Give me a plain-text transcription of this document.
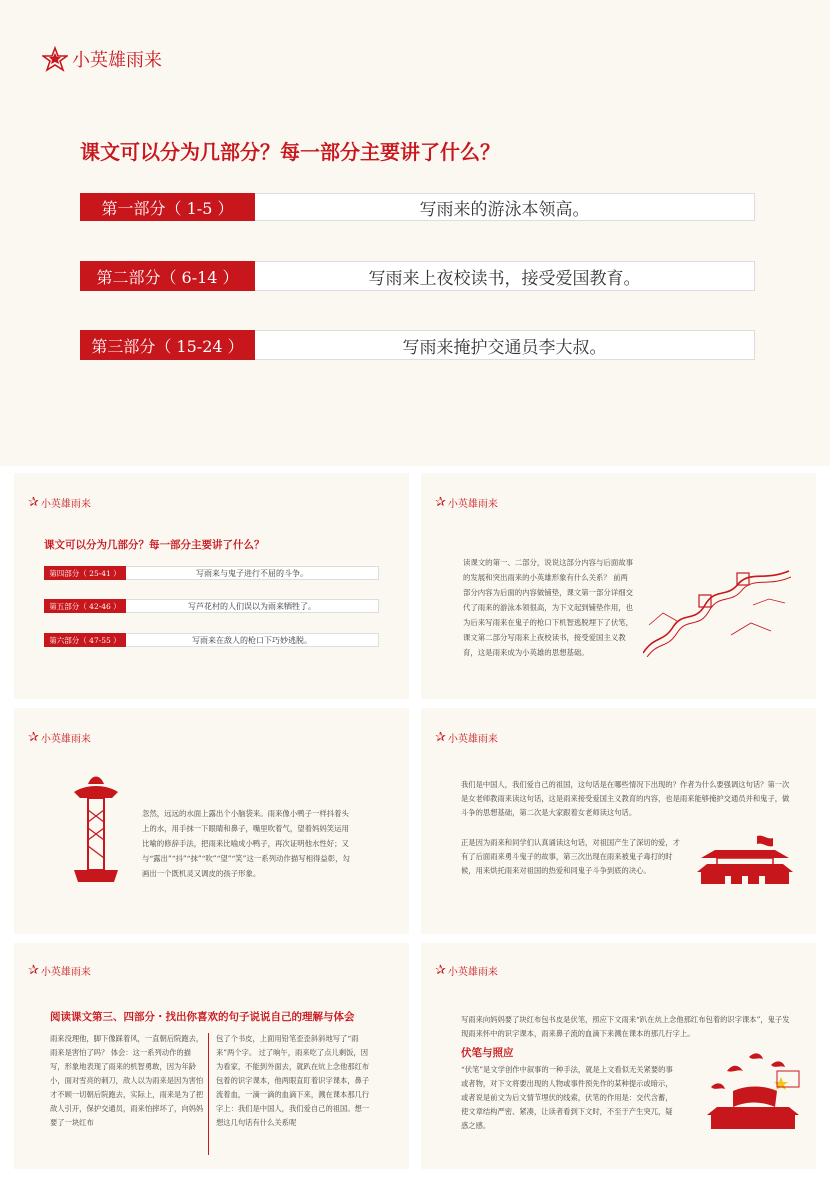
小英雄雨来
课文可以分为几部分？每一部分主要讲了什么？
第一部分（ 1-5 ）	写雨来的游泳本领高。
第二部分（ 6-14 ）	写雨来上夜校读书，接受爱国教育。
第三部分（ 15-24 ）	写雨来掩护交通员李大叔。
✰ 小英雄雨来
课文可以分为几部分？每一部分主要讲了什么？
第四部分（ 25-41 ）	写雨来与鬼子进行不屈的斗争。
第五部分（ 42-46 ）	写芦花村的人们误以为雨来牺牲了。
第六部分（ 47-55 ）	写雨来在敌人的枪口下巧妙逃脱。
✰ 小英雄雨来
读课文的第一、二部分，说说这部分内容与后面故事的发展和突出雨来的小英雄形象有什么关系？ 前两部分内容为后面的内容做铺垫，课文第一部分详细交代了雨来的游泳本领很高，为下文起到铺垫作用，也为后来写雨来在鬼子的枪口下机智逃脱埋下了伏笔，课文第二部分写雨来上夜校读书，接受爱国主义教育，这是雨来成为小英雄的思想基础。
✰ 小英雄雨来
忽然，远远的水面上露出个小脑袋来。雨来像小鸭子一样抖着头上的水，用手抹一下眼睛和鼻子，嘴里吹着气，望着妈妈笑运用比喻的修辞手法，把雨来比喻成小鸭子，再次证明他水性好；又与“露出”“抖”“抹”“吹”“望”“笑”这一系列动作描写相得益彰，勾画出一个既机灵又调皮的孩子形象。
✰ 小英雄雨来
我们是中国人，我们爱自己的祖国，这句话是在哪些情况下出现的？作者为什么要强调这句话？第一次是女老师教雨来读这句话，这是雨来接受爱国主义教育的内容，也是雨来能够掩护交通员并和鬼子，做斗争的思想基础，第二次是大家跟着女老师读这句话。
正是因为雨来和同学们认真诵读这句话，对祖国产生了深切的爱，才有了后面雨来勇斗鬼子的故事，第三次出现在雨来被鬼子毒打的时候，用来烘托雨来对祖国的热爱和同鬼子斗争到底的决心。
✰ 小英雄雨来
阅读课文第三、四部分・找出你喜欢的句子说说自己的理解与体会
雨来没理他，脚下像踩着风，一直朝后院跑去，雨来是害怕了吗？ 体会：这一系列动作的描写，形象地表现了雨来的机智勇敢，因为年龄小，面对雪亮的刺刀，敌人以为雨来是因为害怕才不顾一切朝后院跑去，实际上，雨来是为了把敌人引开，保护交通员，雨来怕摔坏了，向妈妈要了一块红布
包了个书皮，上面用铅笔歪歪斜斜地写了“雨来”两个字。 过了晌午，雨来吃了点儿剩饭，因为看家，不能到外面去，就趴在炕上念他那红布包着的识字课本，他两眼直盯着识字课本，鼻子流着血，一滴一滴的血滴下来，溅在课本那几行字上：我们是中国人，我们爱自己的祖国。想一想这几句话有什么关系呢
✰ 小英雄雨来
写雨来向妈妈要了块红布包书皮是伏笔，照应下文雨来“趴在炕上念他那红布包着的识字课本”，鬼子发现雨来怀中的识字课本，雨来鼻子流的血滴下来溅在课本的那几行字上。
伏笔与照应
“伏笔”是文学创作中叙事的一种手法，就是上文看似无关紧要的事或者物，对下文将要出现的人物或事件预先作的某种提示或暗示，或者说是前文为后文情节埋伏的线索，伏笔的作用是：交代含蓄，使文章结构严密、紧凑，让读者看到下文时，不至于产生突兀，疑惑之感。
